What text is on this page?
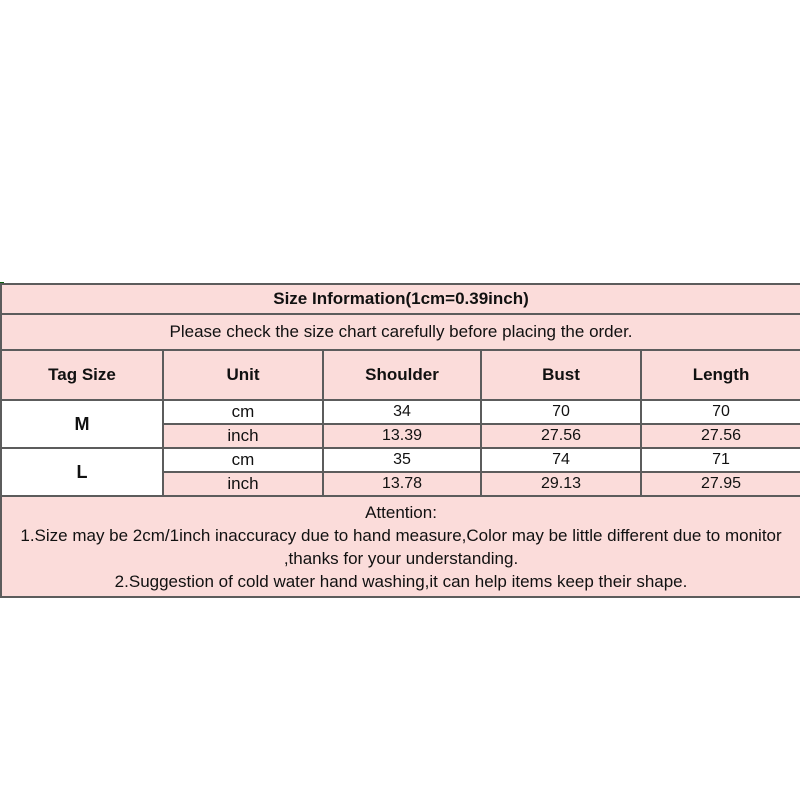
Size Information(1cm=0.39inch)				
Please check the size chart carefully before placing the order.				
Tag Size	Unit	Shoulder	Bust	Length
M	cm	34	70	70
	inch	13.39	27.56	27.56
L	cm	35	74	71
	inch	13.78	29.13	27.95

Attention:
1.Size may be 2cm/1inch inaccuracy due to hand measure,Color may be little different due to monitor
,thanks for your understanding.
2.Suggestion of cold water hand washing,it can help items keep their shape.				
